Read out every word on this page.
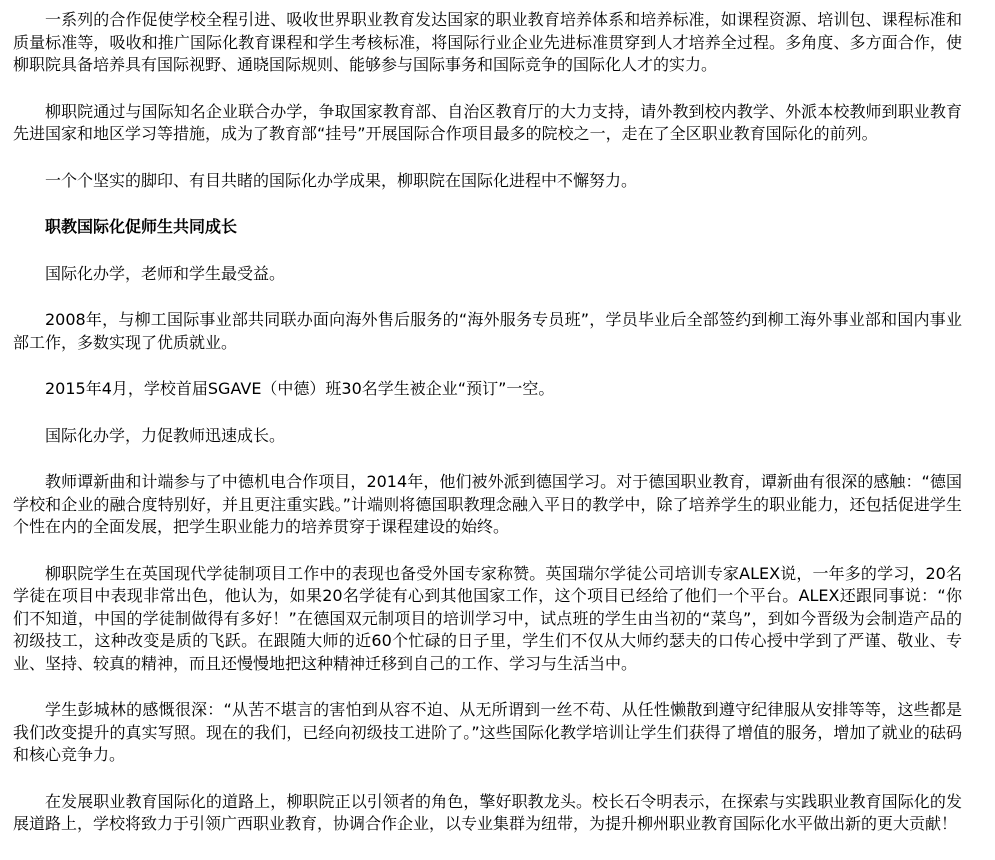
一系列的合作促使学校全程引进、吸收世界职业教育发达国家的职业教育培养体系和培养标准，如课程资源、培训包、课程标准和质量标准等，吸收和推广国际化教育课程和学生考核标准，将国际行业企业先进标准贯穿到人才培养全过程。多角度、多方面合作，使柳职院具备培养具有国际视野、通晓国际规则、能够参与国际事务和国际竞争的国际化人才的实力。

柳职院通过与国际知名企业联合办学，争取国家教育部、自治区教育厅的大力支持，请外教到校内教学、外派本校教师到职业教育先进国家和地区学习等措施，成为了教育部“挂号”开展国际合作项目最多的院校之一，走在了全区职业教育国际化的前列。

一个个坚实的脚印、有目共睹的国际化办学成果，柳职院在国际化进程中不懈努力。

职教国际化促师生共同成长

国际化办学，老师和学生最受益。

2008年，与柳工国际事业部共同联办面向海外售后服务的“海外服务专员班”，学员毕业后全部签约到柳工海外事业部和国内事业部工作，多数实现了优质就业。

2015年4月，学校首届SGAVE（中德）班30名学生被企业“预订”一空。

国际化办学，力促教师迅速成长。

教师谭新曲和计端参与了中德机电合作项目，2014年，他们被外派到德国学习。对于德国职业教育，谭新曲有很深的感触：“德国学校和企业的融合度特别好，并且更注重实践。”计端则将德国职教理念融入平日的教学中，除了培养学生的职业能力，还包括促进学生个性在内的全面发展，把学生职业能力的培养贯穿于课程建设的始终。

柳职院学生在英国现代学徒制项目工作中的表现也备受外国专家称赞。英国瑞尔学徒公司培训专家ALEX说，一年多的学习，20名学徒在项目中表现非常出色，他认为，如果20名学徒有心到其他国家工作，这个项目已经给了他们一个平台。ALEX还跟同事说：“你们不知道，中国的学徒制做得有多好！”在德国双元制项目的培训学习中，试点班的学生由当初的“菜鸟”，到如今晋级为会制造产品的初级技工，这种改变是质的飞跃。在跟随大师的近60个忙碌的日子里，学生们不仅从大师约瑟夫的口传心授中学到了严谨、敬业、专业、坚持、较真的精神，而且还慢慢地把这种精神迁移到自己的工作、学习与生活当中。

学生彭城林的感慨很深：“从苦不堪言的害怕到从容不迫、从无所谓到一丝不苟、从任性懒散到遵守纪律服从安排等等，这些都是我们改变提升的真实写照。现在的我们，已经向初级技工进阶了。”这些国际化教学培训让学生们获得了增值的服务，增加了就业的砝码和核心竞争力。

在发展职业教育国际化的道路上，柳职院正以引领者的角色，擎好职教龙头。校长石令明表示，在探索与实践职业教育国际化的发展道路上，学校将致力于引领广西职业教育，协调合作企业，以专业集群为纽带，为提升柳州职业教育国际化水平做出新的更大贡献！
